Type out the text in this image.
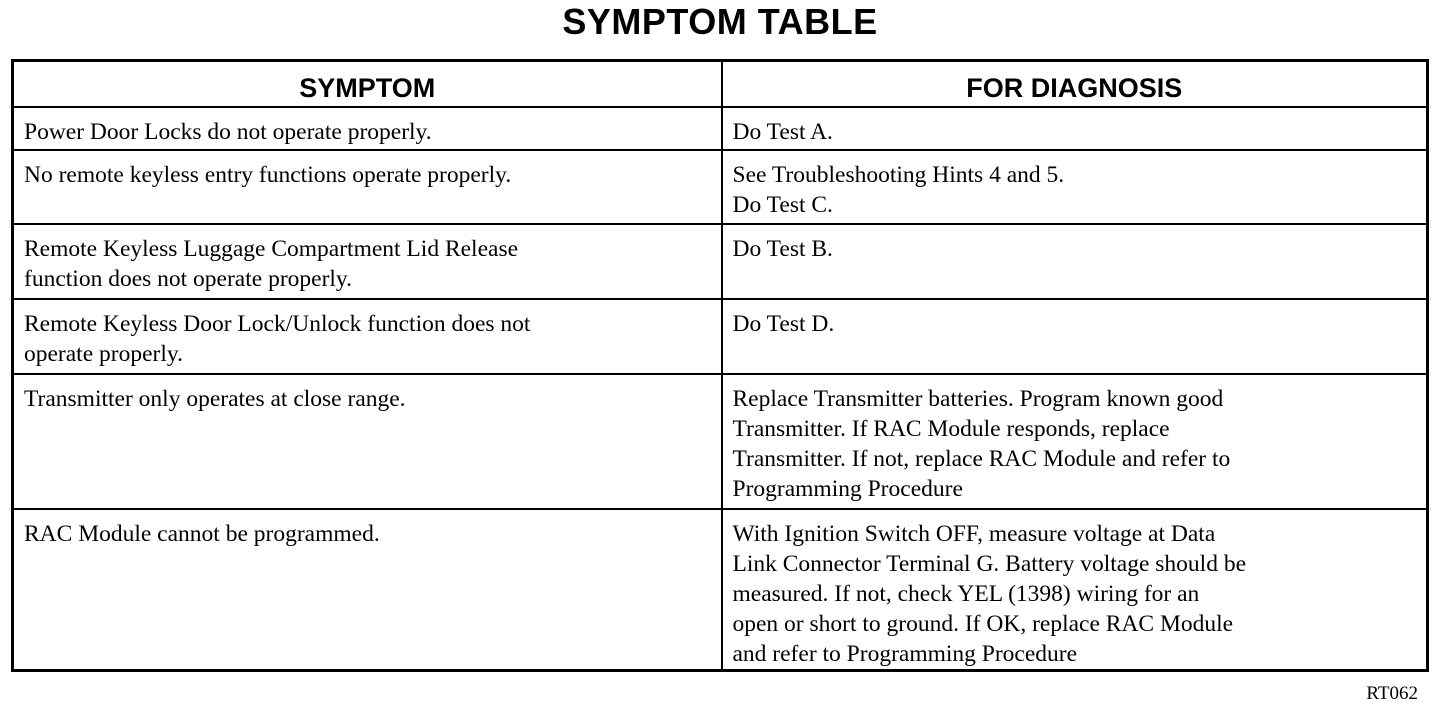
SYMPTOM TABLE
SYMPTOM	FOR DIAGNOSIS

Power Door Locks do not operate properly.	Do Test A.

No remote keyless entry functions operate properly.	See Troubleshooting Hints 4 and 5.
Do Test C.

Remote Keyless Luggage Compartment Lid Release
function does not operate properly.	Do Test B.

Remote Keyless Door Lock/Unlock function does not
operate properly.	Do Test D.

Transmitter only operates at close range.	Replace Transmitter batteries. Program known good
Transmitter. If RAC Module responds, replace
Transmitter. If not, replace RAC Module and refer to
Programming Procedure

RAC Module cannot be programmed.	With Ignition Switch OFF, measure voltage at Data
Link Connector Terminal G. Battery voltage should be
measured. If not, check YEL (1398) wiring for an
open or short to ground. If OK, replace RAC Module
and refer to Programming Procedure
RT062
